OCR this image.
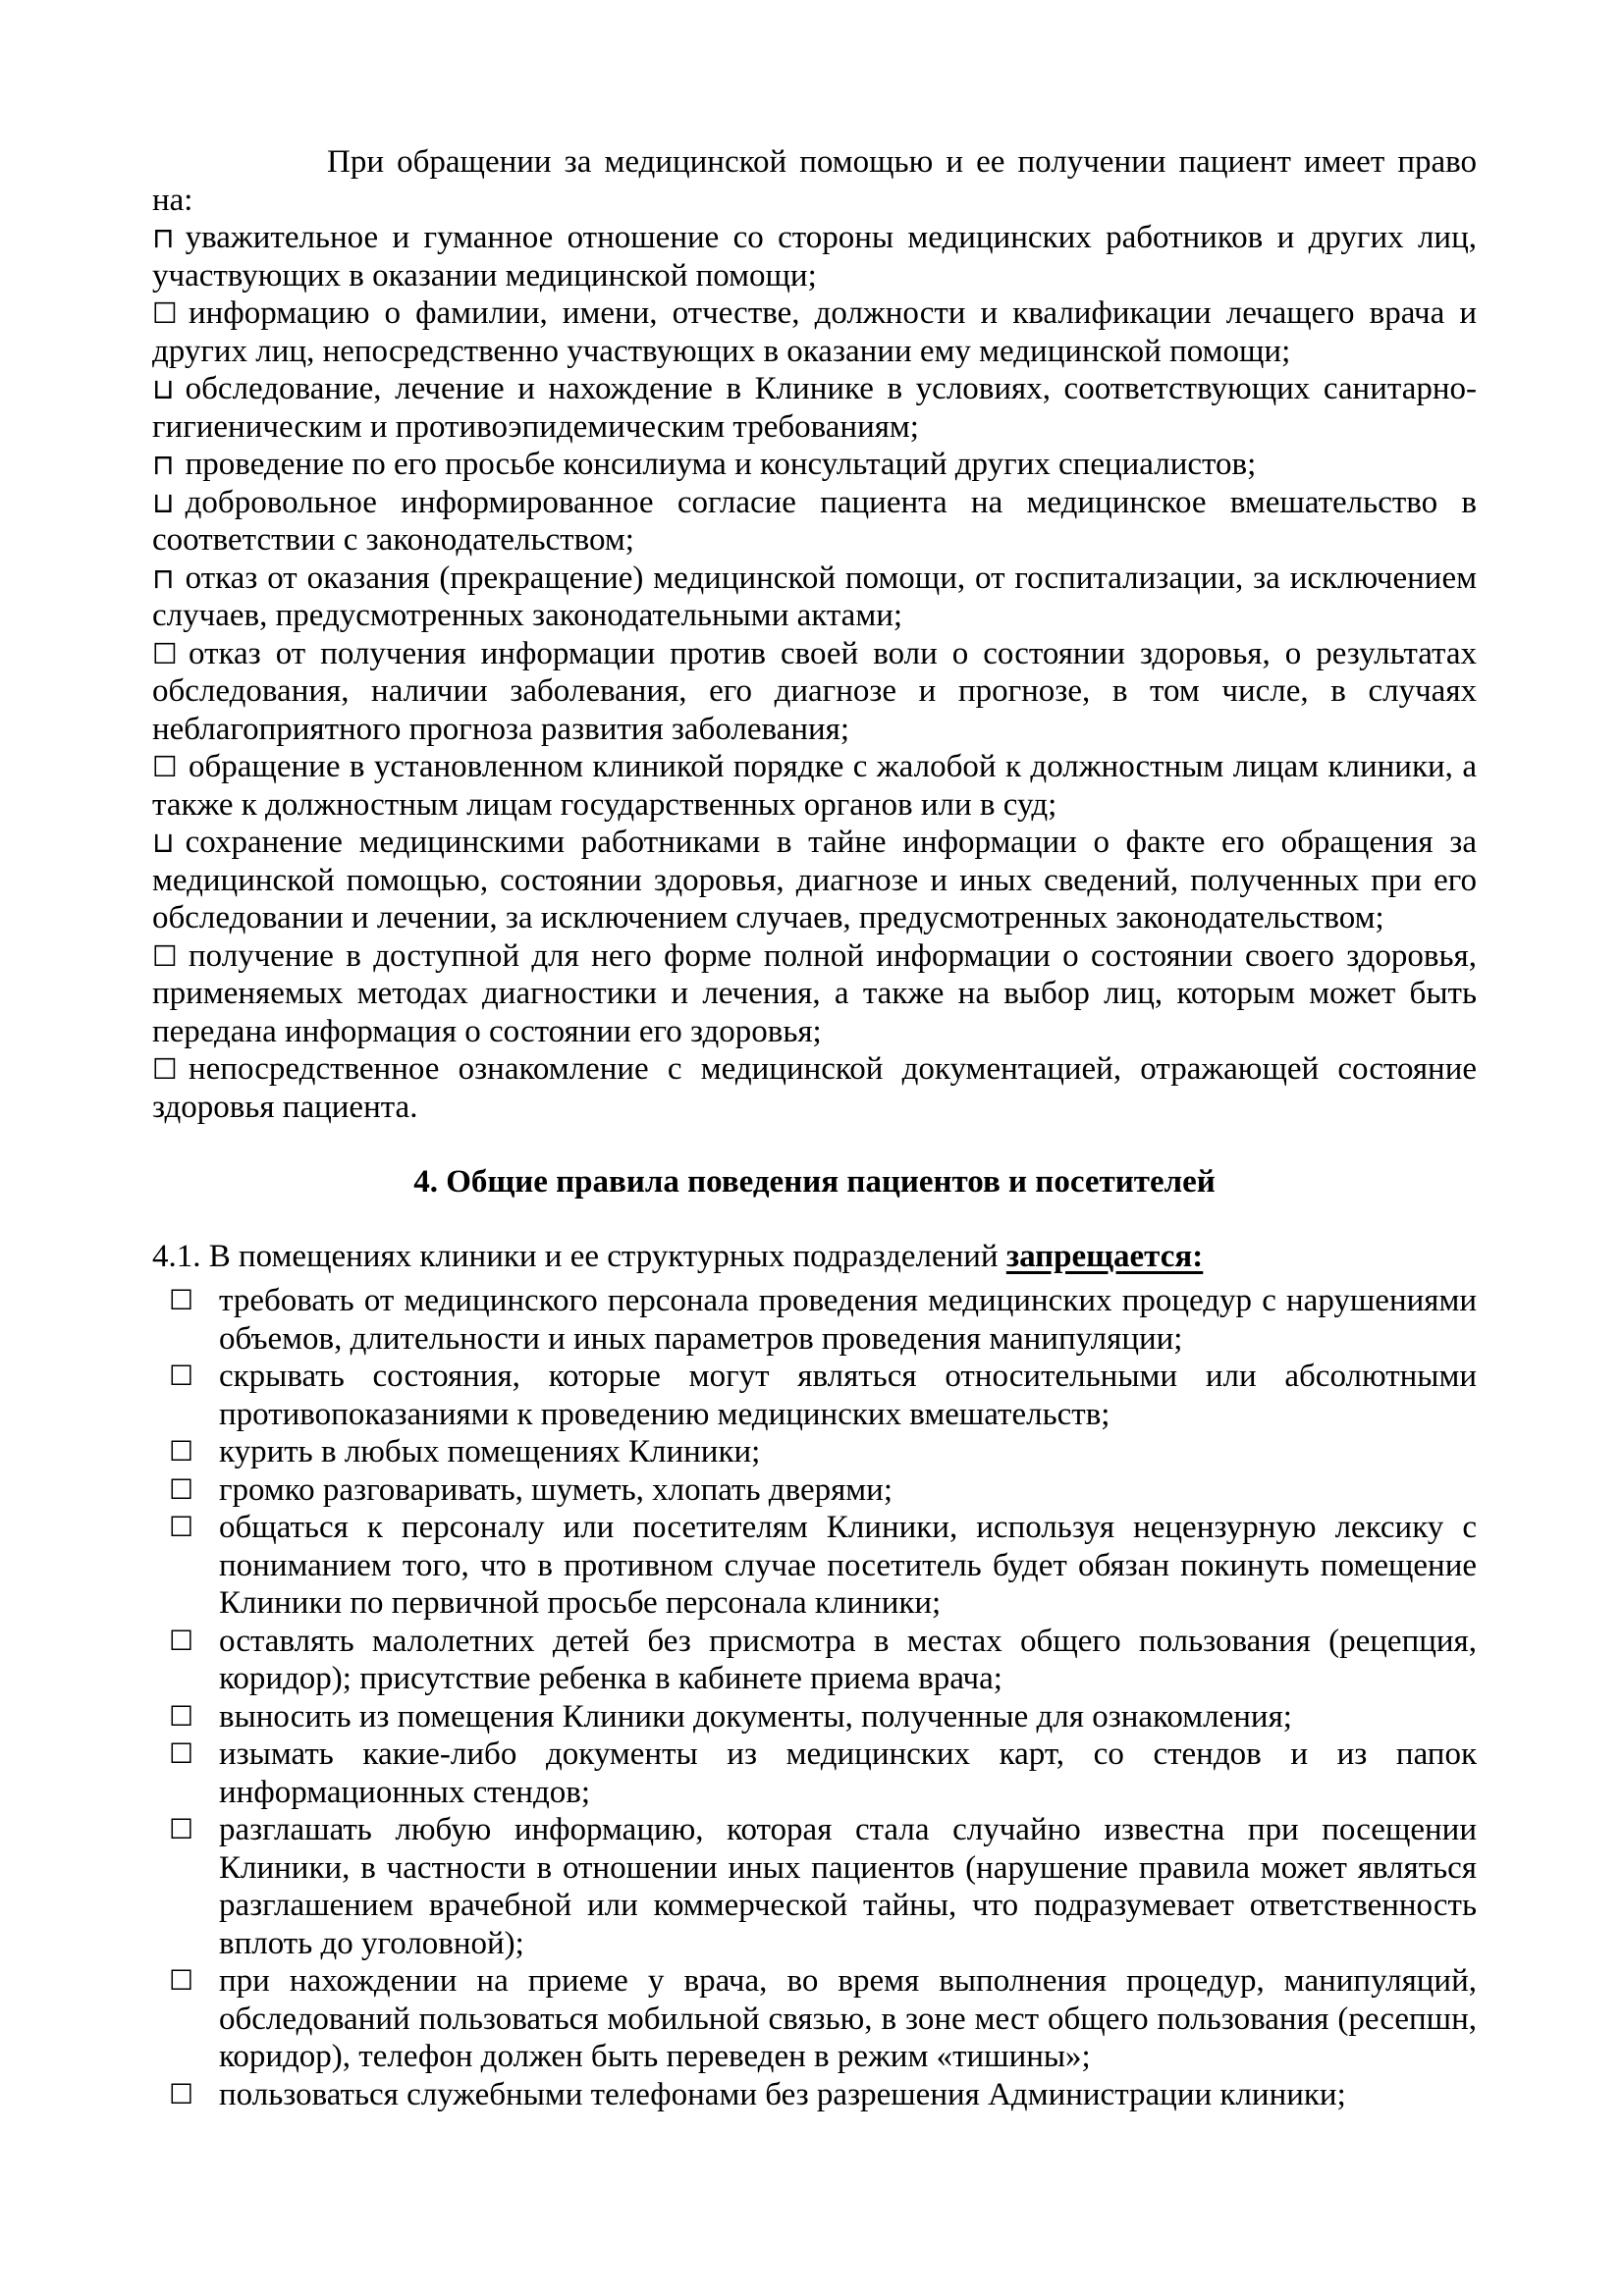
При обращении за медицинской помощью и ее получении пациент имеет право на:

⊓ уважительное и гуманное отношение со стороны медицинских работников и других лиц, участвующих в оказании медицинской помощи;

☐ информацию о фамилии, имени, отчестве, должности и квалификации лечащего врача и других лиц, непосредственно участвующих в оказании ему медицинской помощи;

⊔ обследование, лечение и нахождение в Клинике в условиях, соответствующих санитарно-гигиеническим и противоэпидемическим требованиям;

⊓ проведение по его просьбе консилиума и консультаций других специалистов;

⊔ добровольное информированное согласие пациента на медицинское вмешательство в соответствии с законодательством;

⊓ отказ от оказания (прекращение) медицинской помощи, от госпитализации, за исключением случаев, предусмотренных законодательными актами;

☐ отказ от получения информации против своей воли о состоянии здоровья, о результатах обследования, наличии заболевания, его диагнозе и прогнозе, в том числе, в случаях неблагоприятного прогноза развития заболевания;

☐ обращение в установленном клиникой порядке с жалобой к должностным лицам клиники, а также к должностным лицам государственных органов или в суд;

⊔ сохранение медицинскими работниками в тайне информации о факте его обращения за медицинской помощью, состоянии здоровья, диагнозе и иных сведений, полученных при его обследовании и лечении, за исключением случаев, предусмотренных законодательством;

☐ получение в доступной для него форме полной информации о состоянии своего здоровья, применяемых методах диагностики и лечения, а также на выбор лиц, которым может быть передана информация о состоянии его здоровья;

☐ непосредственное ознакомление с медицинской документацией, отражающей состояние здоровья пациента.

4. Общие правила поведения пациентов и посетителей

4.1. В помещениях клиники и ее структурных подразделений запрещается:

☐ требовать от медицинского персонала проведения медицинских процедур с нарушениями объемов, длительности и иных параметров проведения манипуляции;
☐ скрывать состояния, которые могут являться относительными или абсолютными противопоказаниями к проведению медицинских вмешательств;
☐ курить в любых помещениях Клиники;
☐ громко разговаривать, шуметь, хлопать дверями;
☐ общаться к персоналу или посетителям Клиники, используя нецензурную лексику с пониманием того, что в противном случае посетитель будет обязан покинуть помещение Клиники по первичной просьбе персонала клиники;
☐ оставлять малолетних детей без присмотра в местах общего пользования (рецепция, коридор); присутствие ребенка в кабинете приема врача;
☐ выносить из помещения Клиники документы, полученные для ознакомления;
☐ изымать какие-либо документы из медицинских карт, со стендов и из папок информационных стендов;
☐ разглашать любую информацию, которая стала случайно известна при посещении Клиники, в частности в отношении иных пациентов (нарушение правила может являться разглашением врачебной или коммерческой тайны, что подразумевает ответственность вплоть до уголовной);
☐ при нахождении на приеме у врача, во время выполнения процедур, манипуляций, обследований пользоваться мобильной связью, в зоне мест общего пользования (ресепшн, коридор), телефон должен быть переведен в режим «тишины»;
☐ пользоваться служебными телефонами без разрешения Администрации клиники;
